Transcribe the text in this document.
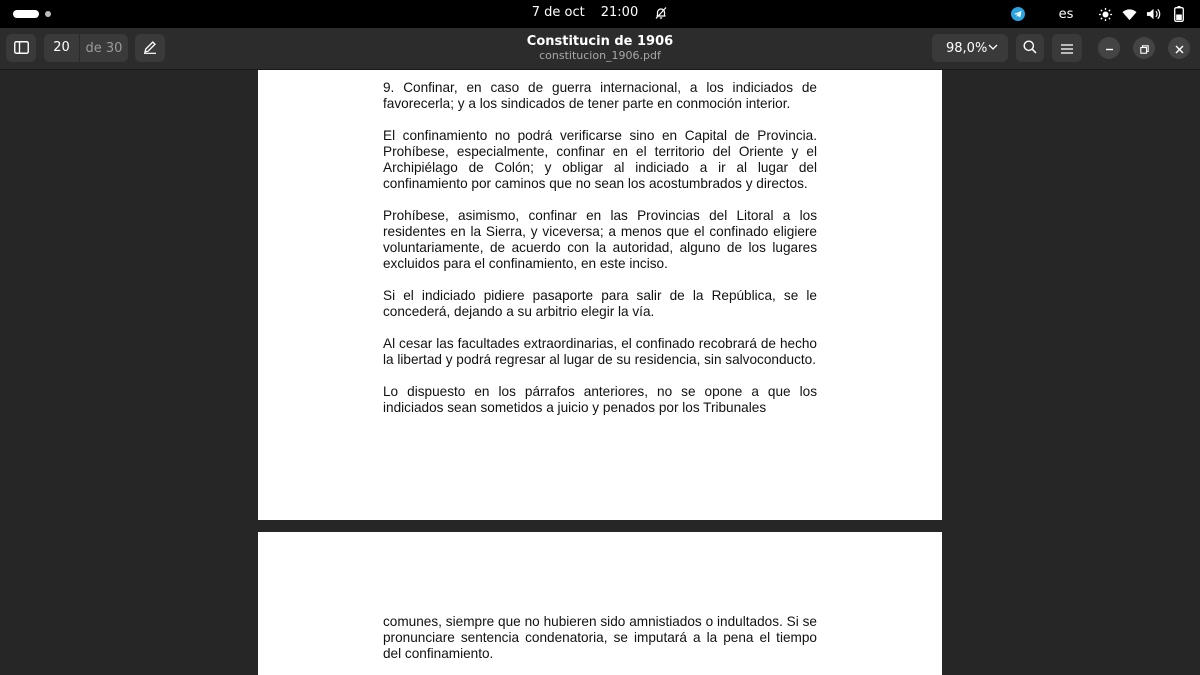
7 de oct 21:00	es
20	de 30	Constitucin de 1906
constitucion_1906.pdf	98,0%

9. Confinar, en caso de guerra internacional, a los indiciados de favorecerla; y a los sindicados de tener parte en conmoción interior.

El confinamiento no podrá verificarse sino en Capital de Provincia. Prohíbese, especialmente, confinar en el territorio del Oriente y el Archipiélago de Colón; y obligar al indiciado a ir al lugar del confinamiento por caminos que no sean los acostumbrados y directos.

Prohíbese, asimismo, confinar en las Provincias del Litoral a los residentes en la Sierra, y viceversa; a menos que el confinado eligiere voluntariamente, de acuerdo con la autoridad, alguno de los lugares excluidos para el confinamiento, en este inciso.

Si el indiciado pidiere pasaporte para salir de la República, se le concederá, dejando a su arbitrio elegir la vía.

Al cesar las facultades extraordinarias, el confinado recobrará de hecho la libertad y podrá regresar al lugar de su residencia, sin salvoconducto.

Lo dispuesto en los párrafos anteriores, no se opone a que los indiciados sean sometidos a juicio y penados por los Tribunales

comunes, siempre que no hubieren sido amnistiados o indultados. Si se pronunciare sentencia condenatoria, se imputará a la pena el tiempo del confinamiento.
